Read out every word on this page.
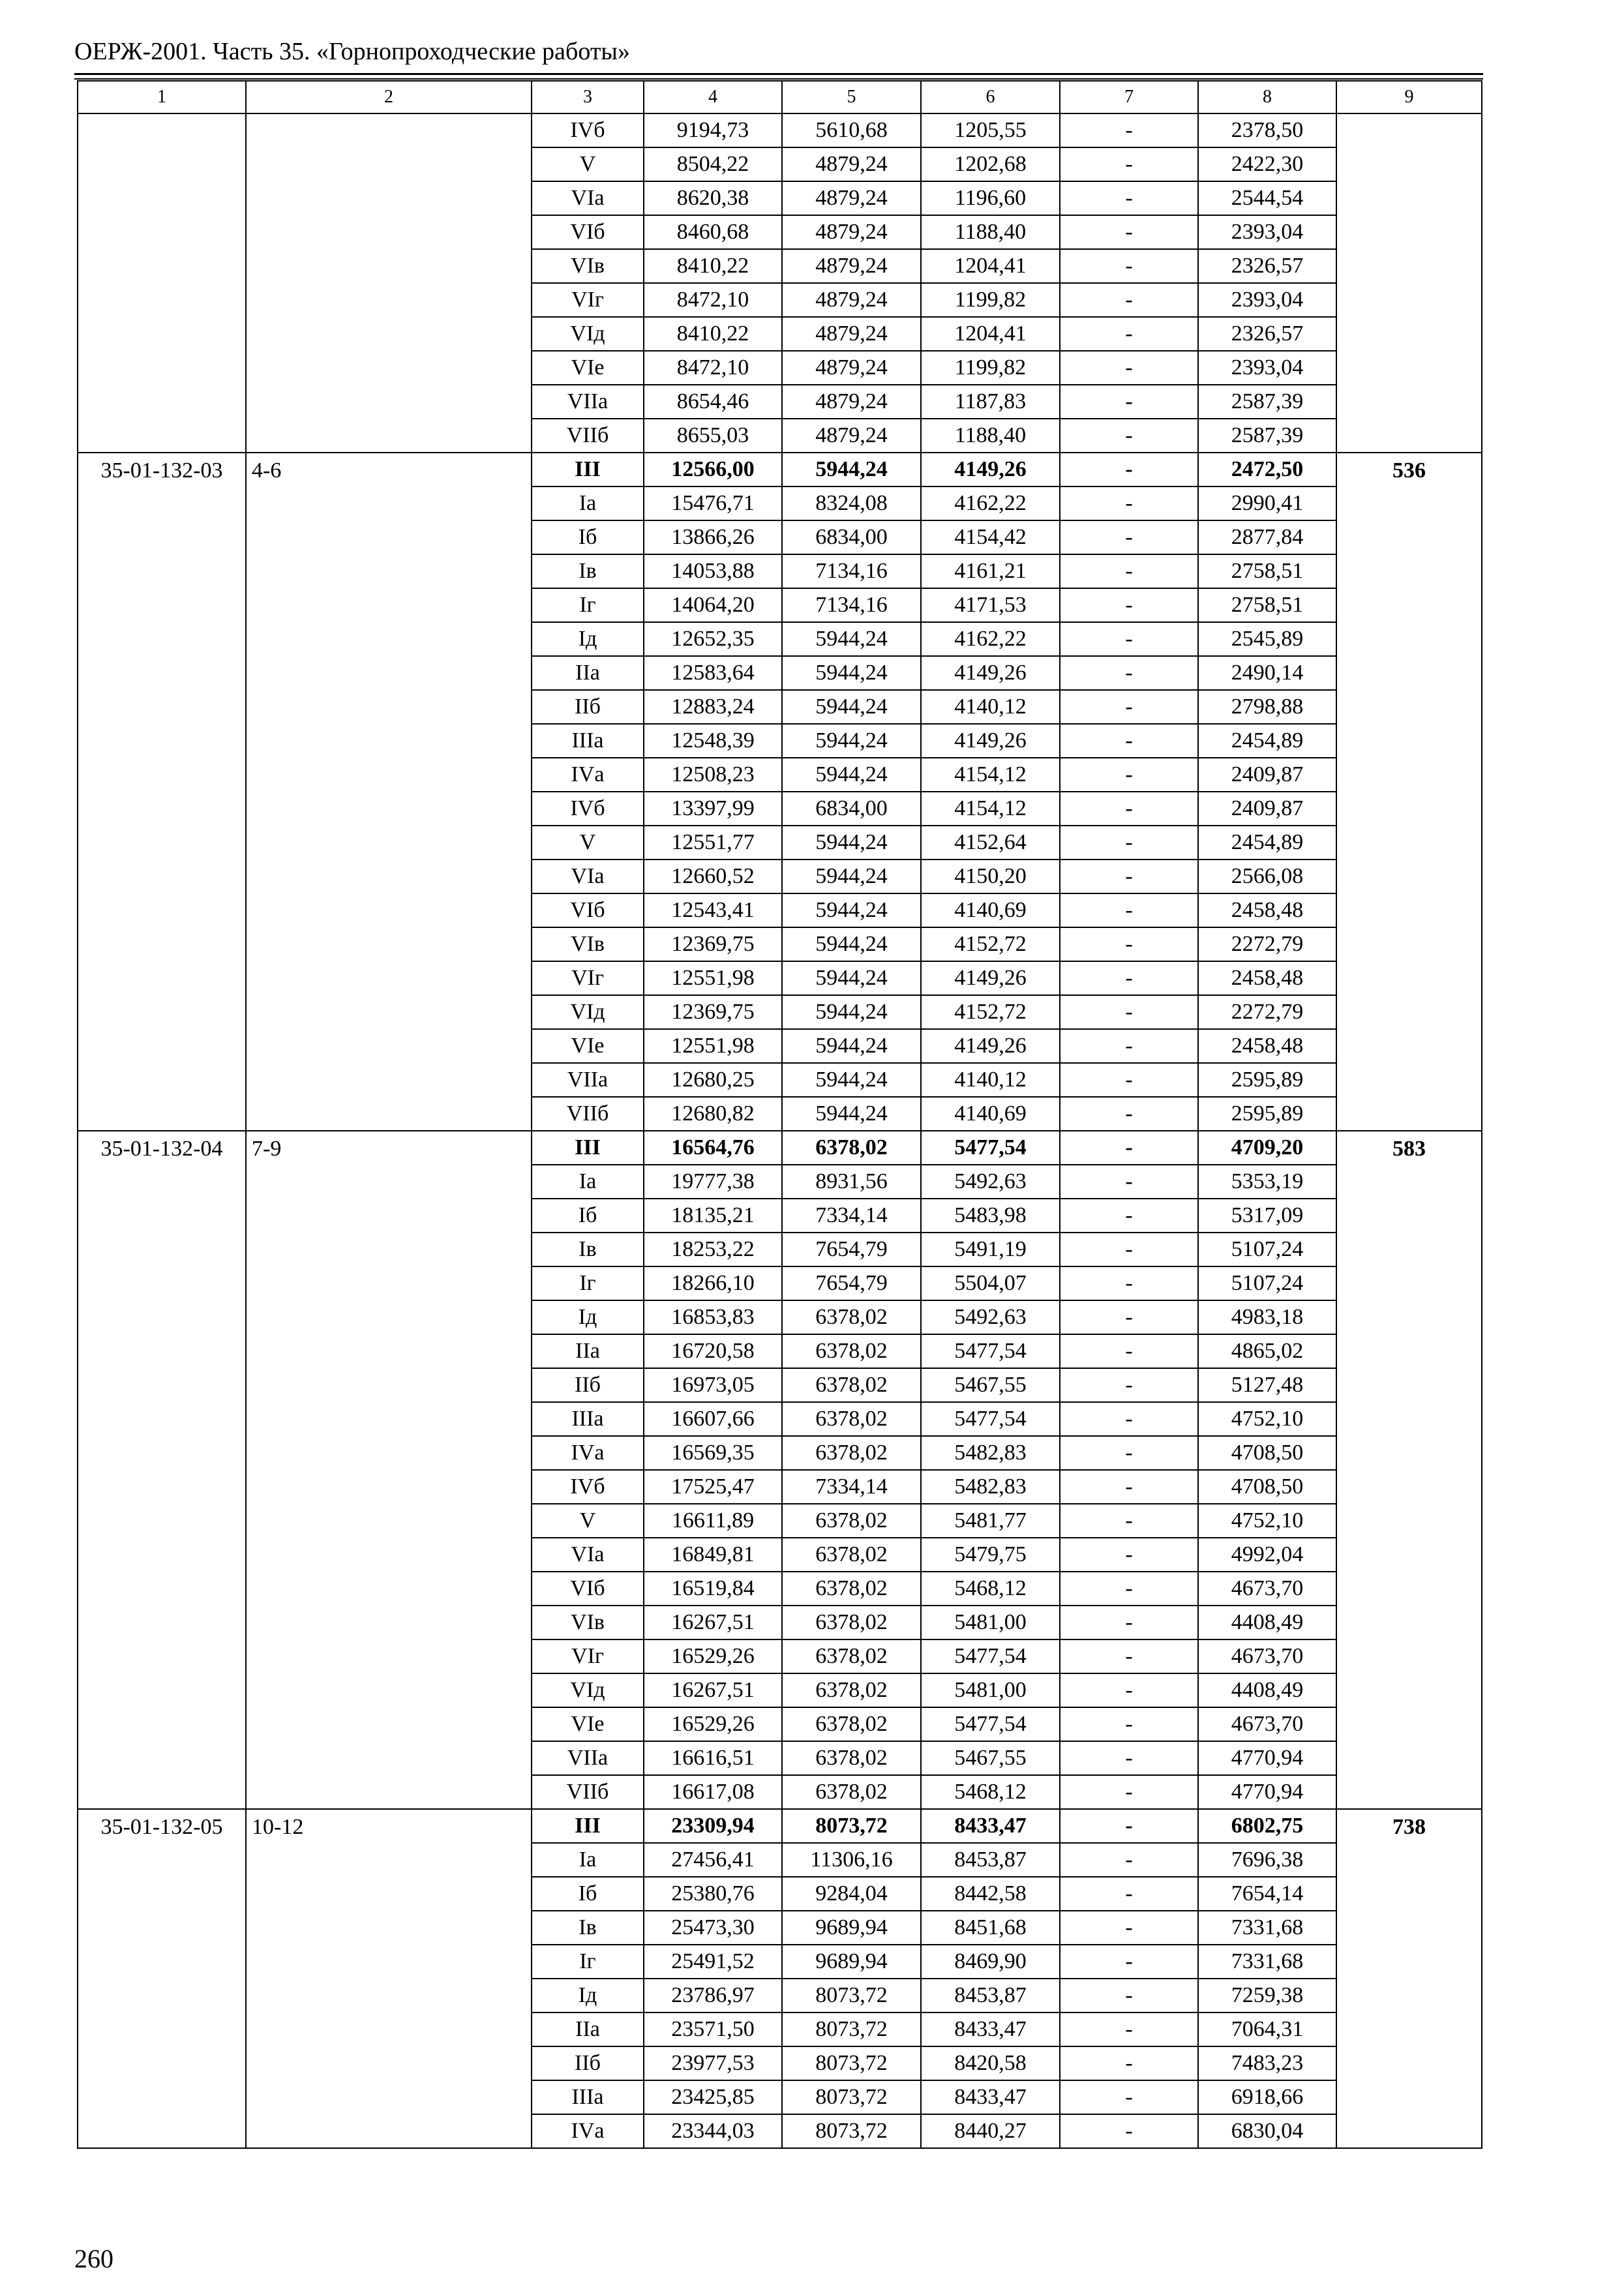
ОЕРЖ-2001. Часть 35. «Горнопроходческие работы»
1	2	3	4	5	6	7	8	9
		IVб	9194,73	5610,68	1205,55	-	2378,50	
		V	8504,22	4879,24	1202,68	-	2422,30	
		VIа	8620,38	4879,24	1196,60	-	2544,54	
		VIб	8460,68	4879,24	1188,40	-	2393,04	
		VIв	8410,22	4879,24	1204,41	-	2326,57	
		VIг	8472,10	4879,24	1199,82	-	2393,04	
		VIд	8410,22	4879,24	1204,41	-	2326,57	
		VIе	8472,10	4879,24	1199,82	-	2393,04	
		VIIа	8654,46	4879,24	1187,83	-	2587,39	
		VIIб	8655,03	4879,24	1188,40	-	2587,39	
35-01-132-03	4-6	III	12566,00	5944,24	4149,26	-	2472,50	536
		Iа	15476,71	8324,08	4162,22	-	2990,41	
		Iб	13866,26	6834,00	4154,42	-	2877,84	
		Iв	14053,88	7134,16	4161,21	-	2758,51	
		Iг	14064,20	7134,16	4171,53	-	2758,51	
		Iд	12652,35	5944,24	4162,22	-	2545,89	
		IIа	12583,64	5944,24	4149,26	-	2490,14	
		IIб	12883,24	5944,24	4140,12	-	2798,88	
		IIIа	12548,39	5944,24	4149,26	-	2454,89	
		IVа	12508,23	5944,24	4154,12	-	2409,87	
		IVб	13397,99	6834,00	4154,12	-	2409,87	
		V	12551,77	5944,24	4152,64	-	2454,89	
		VIа	12660,52	5944,24	4150,20	-	2566,08	
		VIб	12543,41	5944,24	4140,69	-	2458,48	
		VIв	12369,75	5944,24	4152,72	-	2272,79	
		VIг	12551,98	5944,24	4149,26	-	2458,48	
		VIд	12369,75	5944,24	4152,72	-	2272,79	
		VIе	12551,98	5944,24	4149,26	-	2458,48	
		VIIа	12680,25	5944,24	4140,12	-	2595,89	
		VIIб	12680,82	5944,24	4140,69	-	2595,89	
35-01-132-04	7-9	III	16564,76	6378,02	5477,54	-	4709,20	583
		Iа	19777,38	8931,56	5492,63	-	5353,19	
		Iб	18135,21	7334,14	5483,98	-	5317,09	
		Iв	18253,22	7654,79	5491,19	-	5107,24	
		Iг	18266,10	7654,79	5504,07	-	5107,24	
		Iд	16853,83	6378,02	5492,63	-	4983,18	
		IIа	16720,58	6378,02	5477,54	-	4865,02	
		IIб	16973,05	6378,02	5467,55	-	5127,48	
		IIIа	16607,66	6378,02	5477,54	-	4752,10	
		IVа	16569,35	6378,02	5482,83	-	4708,50	
		IVб	17525,47	7334,14	5482,83	-	4708,50	
		V	16611,89	6378,02	5481,77	-	4752,10	
		VIа	16849,81	6378,02	5479,75	-	4992,04	
		VIб	16519,84	6378,02	5468,12	-	4673,70	
		VIв	16267,51	6378,02	5481,00	-	4408,49	
		VIг	16529,26	6378,02	5477,54	-	4673,70	
		VIд	16267,51	6378,02	5481,00	-	4408,49	
		VIе	16529,26	6378,02	5477,54	-	4673,70	
		VIIа	16616,51	6378,02	5467,55	-	4770,94	
		VIIб	16617,08	6378,02	5468,12	-	4770,94	
35-01-132-05	10-12	III	23309,94	8073,72	8433,47	-	6802,75	738
		Iа	27456,41	11306,16	8453,87	-	7696,38	
		Iб	25380,76	9284,04	8442,58	-	7654,14	
		Iв	25473,30	9689,94	8451,68	-	7331,68	
		Iг	25491,52	9689,94	8469,90	-	7331,68	
		Iд	23786,97	8073,72	8453,87	-	7259,38	
		IIа	23571,50	8073,72	8433,47	-	7064,31	
		IIб	23977,53	8073,72	8420,58	-	7483,23	
		IIIа	23425,85	8073,72	8433,47	-	6918,66	
		IVа	23344,03	8073,72	8440,27	-	6830,04	
260
